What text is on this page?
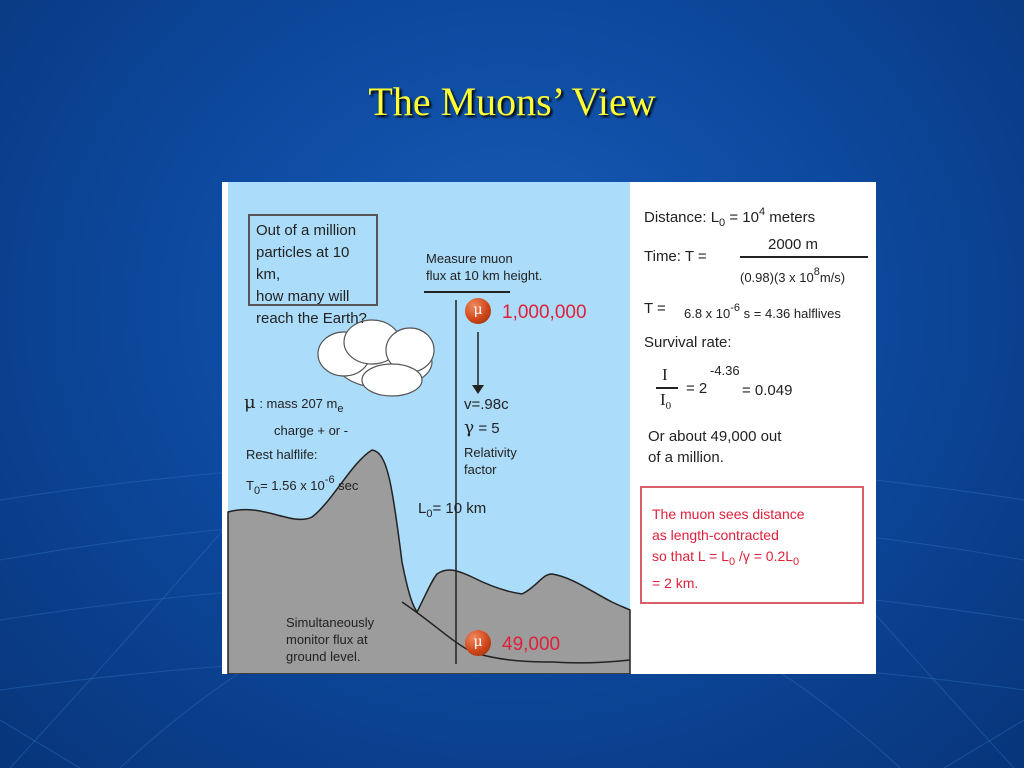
The Muons’ View
Out of a million
particles at 10 km,
how many will
reach the Earth?
Measure muon
flux at 10 km height.
μ	1,000,000
μ : mass 207 $m_e$
charge + or -
Rest halflife:
$T_0= 1.56$ x $10^{-6}$ sec
v=.98c
γ = 5
Relativity
factor
$L_0= 10$ km
Simultaneously
monitor flux at
ground level.
μ	49,000
Distance: $L_0 = 10^4$ meters
Time: T =
2000 m
(0.98)(3 x $10^8m/s$)
T = 6.8 x $10^{-6}$ s = 4.36 halflives
Survival rate:
I
$I_0$
= 2
-4.36
= 0.049
Or about 49,000 out
of a million.
The muon sees distance
as length-contracted
so that $L = L_0$ $/\gamma = 0.2L_0$
= 2 km.
